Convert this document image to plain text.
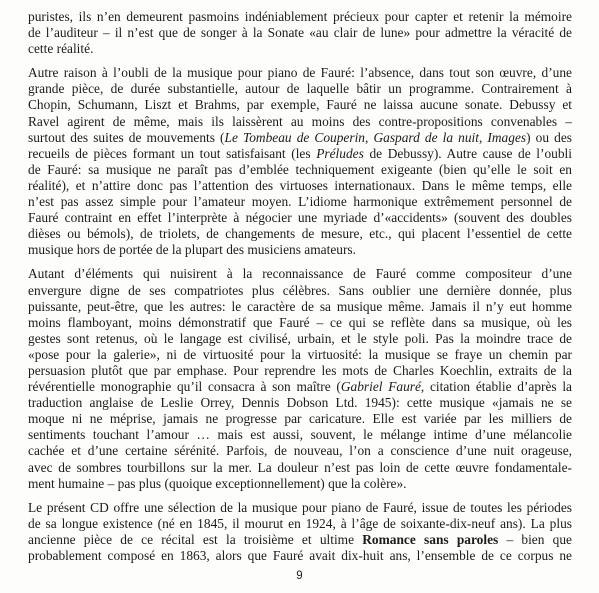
puristes, ils n’en demeurent pasmoins indéniablement précieux pour capter et retenir la mémoire
de l’auditeur – il n’est que de songer à la Sonate «au clair de lune» pour admettre la véracité de
cette réalité.
Autre raison à l’oubli de la musique pour piano de Fauré: l’absence, dans tout son œuvre, d’une
grande pièce, de durée substantielle, autour de laquelle bâtir un programme. Contrairement à
Chopin, Schumann, Liszt et Brahms, par exemple, Fauré ne laissa aucune sonate. Debussy et
Ravel agirent de même, mais ils laissèrent au moins des contre-propositions convenables –
surtout des suites de mouvements (Le Tombeau de Couperin, Gaspard de la nuit, Images) ou des
recueils de pièces formant un tout satisfaisant (les Préludes de Debussy). Autre cause de l’oubli
de Fauré: sa musique ne paraît pas d’emblée techniquement exigeante (bien qu’elle le soit en
réalité), et n’attire donc pas l’attention des virtuoses internationaux. Dans le même temps, elle
n’est pas assez simple pour l’amateur moyen. L’idiome harmonique extrêmement personnel de
Fauré contraint en effet l’interprète à négocier une myriade d’«accidents» (souvent des doubles
dièses ou bémols), de triolets, de changements de mesure, etc., qui placent l’essentiel de cette
musique hors de portée de la plupart des musiciens amateurs.
Autant d’éléments qui nuisirent à la reconnaissance de Fauré comme compositeur d’une
envergure digne de ses compatriotes plus célèbres. Sans oublier une dernière donnée, plus
puissante, peut-être, que les autres: le caractère de sa musique même. Jamais il n’y eut homme
moins flamboyant, moins démonstratif que Fauré – ce qui se reflète dans sa musique, où les
gestes sont retenus, où le langage est civilisé, urbain, et le style poli. Pas la moindre trace de
«pose pour la galerie», ni de virtuosité pour la virtuosité: la musique se fraye un chemin par
persuasion plutôt que par emphase. Pour reprendre les mots de Charles Koechlin, extraits de la
révérentielle monographie qu’il consacra à son maître (Gabriel Fauré, citation établie d’après la
traduction anglaise de Leslie Orrey, Dennis Dobson Ltd. 1945): cette musique «jamais ne se
moque ni ne méprise, jamais ne progresse par caricature. Elle est variée par les milliers de
sentiments touchant l’amour … mais est aussi, souvent, le mélange intime d’une mélancolie
cachée et d’une certaine sérénité. Parfois, de nouveau, l’on a conscience d’une nuit orageuse,
avec de sombres tourbillons sur la mer. La douleur n’est pas loin de cette œuvre fondamentale-
ment humaine – pas plus (quoique exceptionnellement) que la colère».
Le présent CD offre une sélection de la musique pour piano de Fauré, issue de toutes les périodes
de sa longue existence (né en 1845, il mourut en 1924, à l’âge de soixante-dix-neuf ans). La plus
ancienne pièce de ce récital est la troisième et ultime Romance sans paroles – bien que
probablement composé en 1863, alors que Fauré avait dix-huit ans, l’ensemble de ce corpus ne
9
